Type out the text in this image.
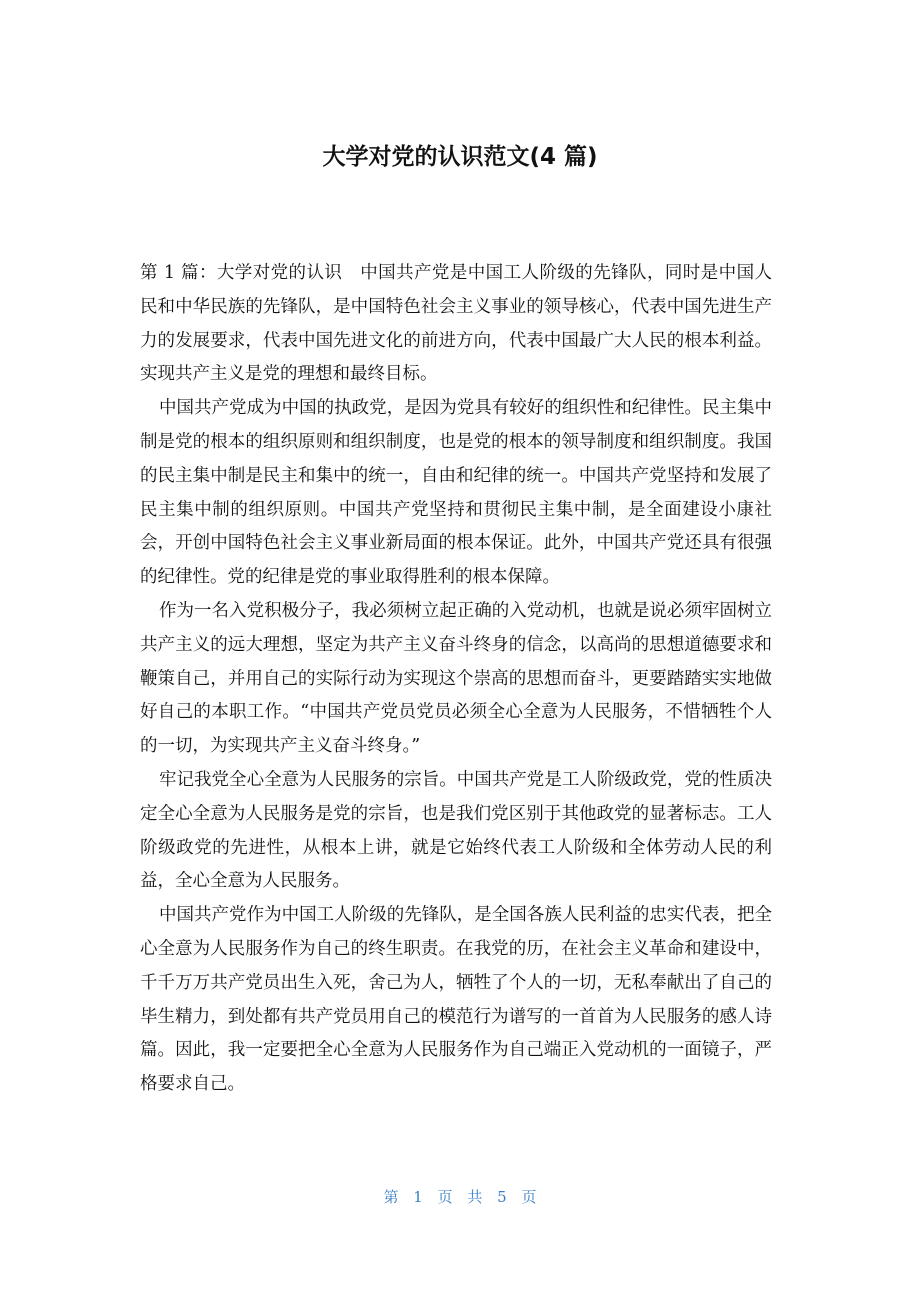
大学对党的认识范文(4 篇)

第 1 篇：大学对党的认识　中国共产党是中国工人阶级的先锋队，同时是中国人民和中华民族的先锋队，是中国特色社会主义事业的领导核心，代表中国先进生产力的发展要求，代表中国先进文化的前进方向，代表中国最广大人民的根本利益。实现共产主义是党的理想和最终目标。

中国共产党成为中国的执政党，是因为党具有较好的组织性和纪律性。民主集中制是党的根本的组织原则和组织制度，也是党的根本的领导制度和组织制度。我国的民主集中制是民主和集中的统一，自由和纪律的统一。中国共产党坚持和发展了民主集中制的组织原则。中国共产党坚持和贯彻民主集中制，是全面建设小康社会，开创中国特色社会主义事业新局面的根本保证。此外，中国共产党还具有很强的纪律性。党的纪律是党的事业取得胜利的根本保障。

作为一名入党积极分子，我必须树立起正确的入党动机，也就是说必须牢固树立共产主义的远大理想，坚定为共产主义奋斗终身的信念，以高尚的思想道德要求和鞭策自己，并用自己的实际行动为实现这个崇高的思想而奋斗，更要踏踏实实地做好自己的本职工作。“中国共产党员党员必须全心全意为人民服务，不惜牺牲个人的一切，为实现共产主义奋斗终身。”

牢记我党全心全意为人民服务的宗旨。中国共产党是工人阶级政党，党的性质决定全心全意为人民服务是党的宗旨，也是我们党区别于其他政党的显著标志。工人阶级政党的先进性，从根本上讲，就是它始终代表工人阶级和全体劳动人民的利益，全心全意为人民服务。

中国共产党作为中国工人阶级的先锋队，是全国各族人民利益的忠实代表，把全心全意为人民服务作为自己的终生职责。在我党的历，在社会主义革命和建设中，千千万万共产党员出生入死，舍己为人，牺牲了个人的一切，无私奉献出了自己的毕生精力，到处都有共产党员用自己的模范行为谱写的一首首为人民服务的感人诗篇。因此，我一定要把全心全意为人民服务作为自己端正入党动机的一面镜子，严格要求自己。

第 1 页 共 5 页
